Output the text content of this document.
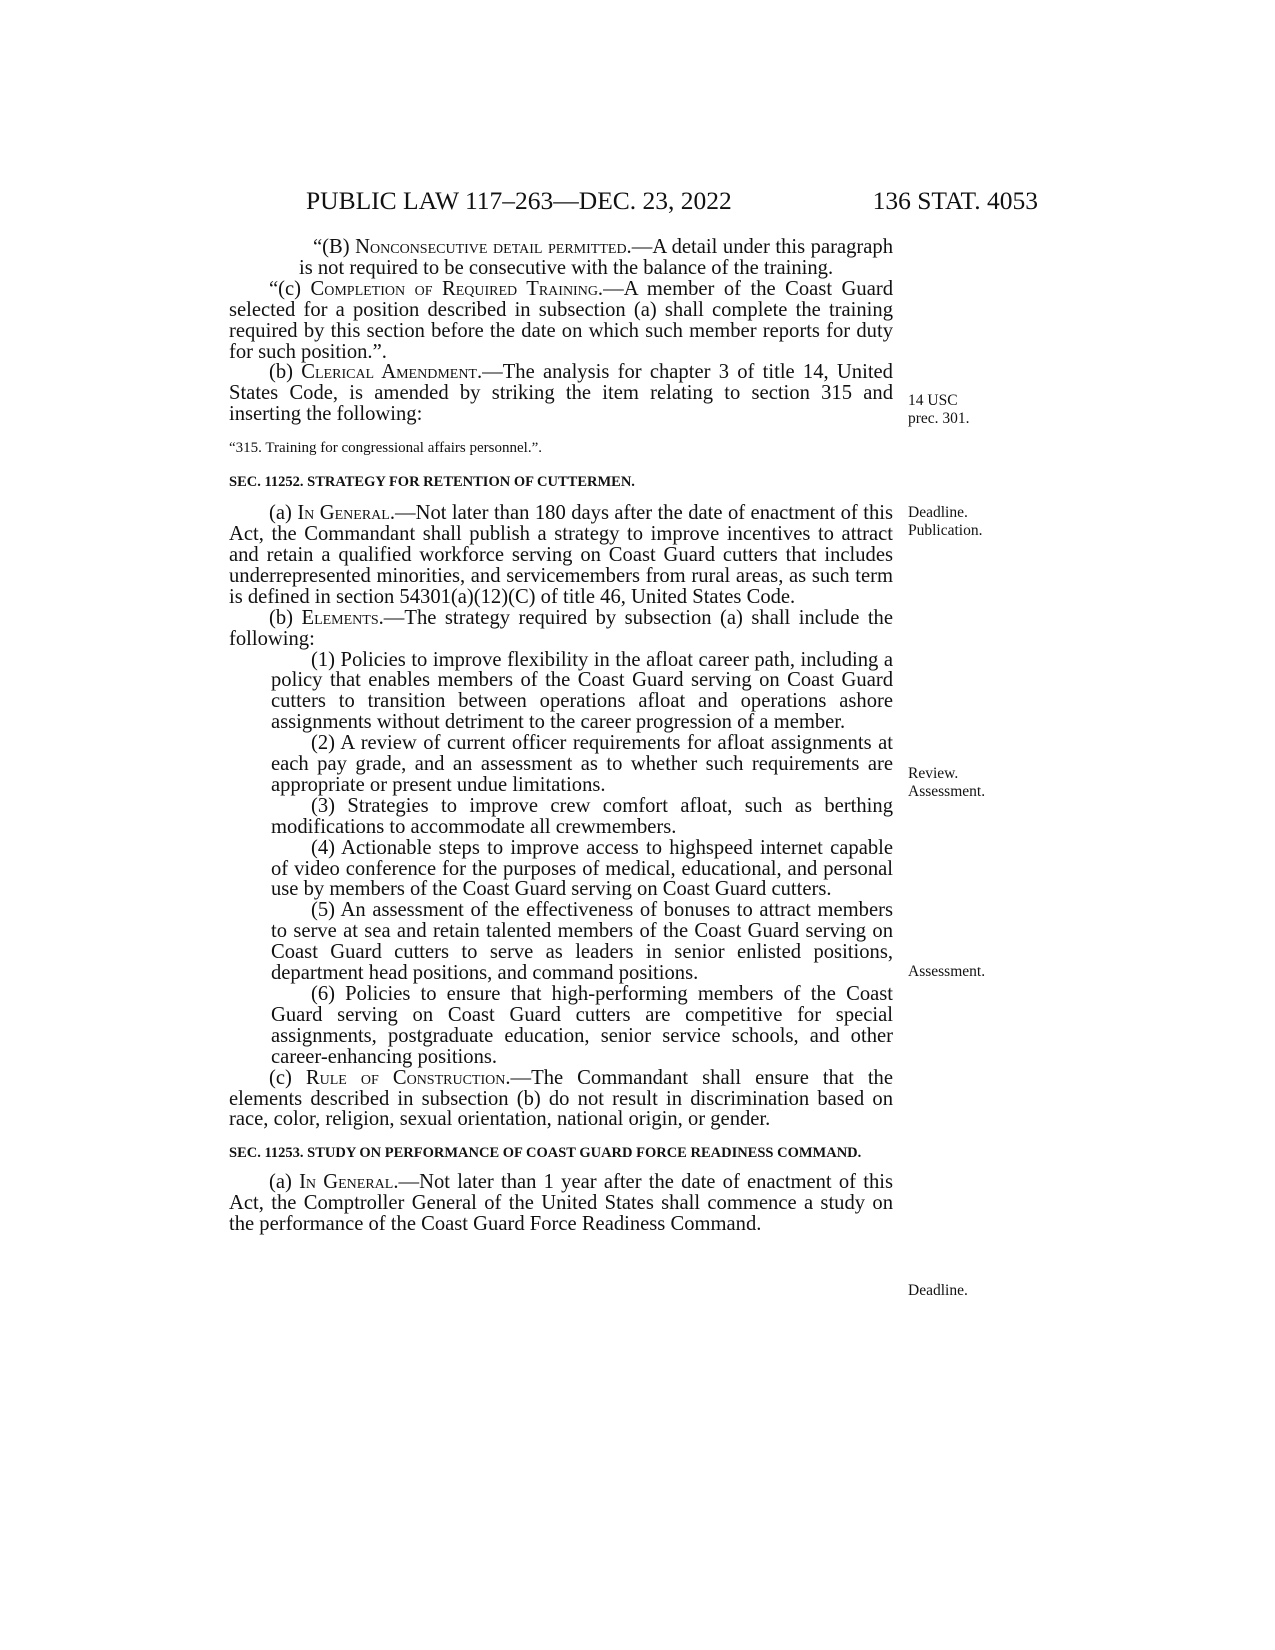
PUBLIC LAW 117–263—DEC. 23, 2022	136 STAT. 4053

“(B) Nonconsecutive detail permitted.—A detail under this paragraph is not required to be consecutive with the balance of the training.

“(c) Completion of Required Training.—A member of the Coast Guard selected for a position described in subsection (a) shall complete the training required by this section before the date on which such member reports for duty for such position.”.

(b) Clerical Amendment.—The analysis for chapter 3 of title 14, United States Code, is amended by striking the item relating to section 315 and inserting the following:

“315. Training for congressional affairs personnel.”.

SEC. 11252. STRATEGY FOR RETENTION OF CUTTERMEN.

(a) In General.—Not later than 180 days after the date of enactment of this Act, the Commandant shall publish a strategy to improve incentives to attract and retain a qualified workforce serving on Coast Guard cutters that includes underrepresented minorities, and servicemembers from rural areas, as such term is defined in section 54301(a)(12)(C) of title 46, United States Code.

(b) Elements.—The strategy required by subsection (a) shall include the following:

(1) Policies to improve flexibility in the afloat career path, including a policy that enables members of the Coast Guard serving on Coast Guard cutters to transition between operations afloat and operations ashore assignments without detriment to the career progression of a member.

(2) A review of current officer requirements for afloat assignments at each pay grade, and an assessment as to whether such requirements are appropriate or present undue limitations.

(3) Strategies to improve crew comfort afloat, such as berthing modifications to accommodate all crewmembers.

(4) Actionable steps to improve access to highspeed internet capable of video conference for the purposes of medical, educational, and personal use by members of the Coast Guard serving on Coast Guard cutters.

(5) An assessment of the effectiveness of bonuses to attract members to serve at sea and retain talented members of the Coast Guard serving on Coast Guard cutters to serve as leaders in senior enlisted positions, department head positions, and command positions.

(6) Policies to ensure that high-performing members of the Coast Guard serving on Coast Guard cutters are competitive for special assignments, postgraduate education, senior service schools, and other career-enhancing positions.

(c) Rule of Construction.—The Commandant shall ensure that the elements described in subsection (b) do not result in discrimination based on race, color, religion, sexual orientation, national origin, or gender.

SEC. 11253. STUDY ON PERFORMANCE OF COAST GUARD FORCE READINESS COMMAND.

(a) In General.—Not later than 1 year after the date of enactment of this Act, the Comptroller General of the United States shall commence a study on the performance of the Coast Guard Force Readiness Command.

14 USC
prec. 301.
Deadline.
Publication.
Review.
Assessment.
Assessment.
Deadline.
